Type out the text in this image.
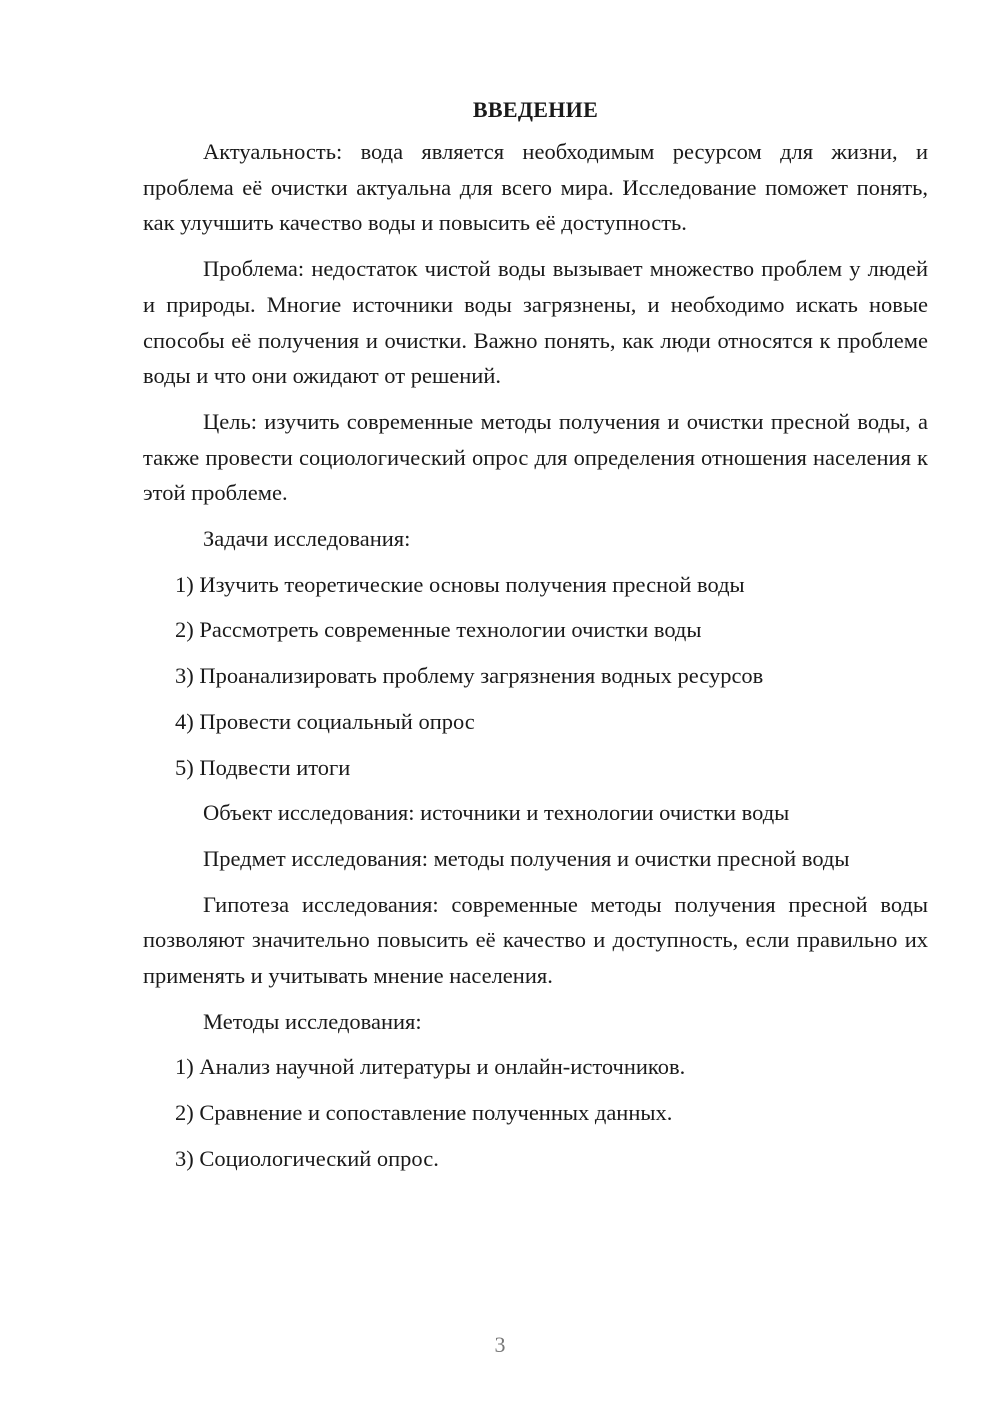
ВВЕДЕНИЕ

Актуальность: вода является необходимым ресурсом для жизни, и проблема её очистки актуальна для всего мира. Исследование поможет понять, как улучшить качество воды и повысить её доступность.

Проблема: недостаток чистой воды вызывает множество проблем у людей и природы. Многие источники воды загрязнены, и необходимо искать новые способы её получения и очистки. Важно понять, как люди относятся к проблеме воды и что они ожидают от решений.

Цель: изучить современные методы получения и очистки пресной воды, а также провести социологический опрос для определения отношения населения к этой проблеме.

Задачи исследования:
1) Изучить теоретические основы получения пресной воды
2) Рассмотреть современные технологии очистки воды
3) Проанализировать проблему загрязнения водных ресурсов
4) Провести социальный опрос
5) Подвести итоги
Объект исследования: источники и технологии очистки воды
Предмет исследования: методы получения и очистки пресной воды

Гипотеза исследования: современные методы получения пресной воды позволяют значительно повысить её качество и доступность, если правильно их применять и учитывать мнение населения.

Методы исследования:
1) Анализ научной литературы и онлайн-источников.
2) Сравнение и сопоставление полученных данных.
3) Социологический опрос.
3
